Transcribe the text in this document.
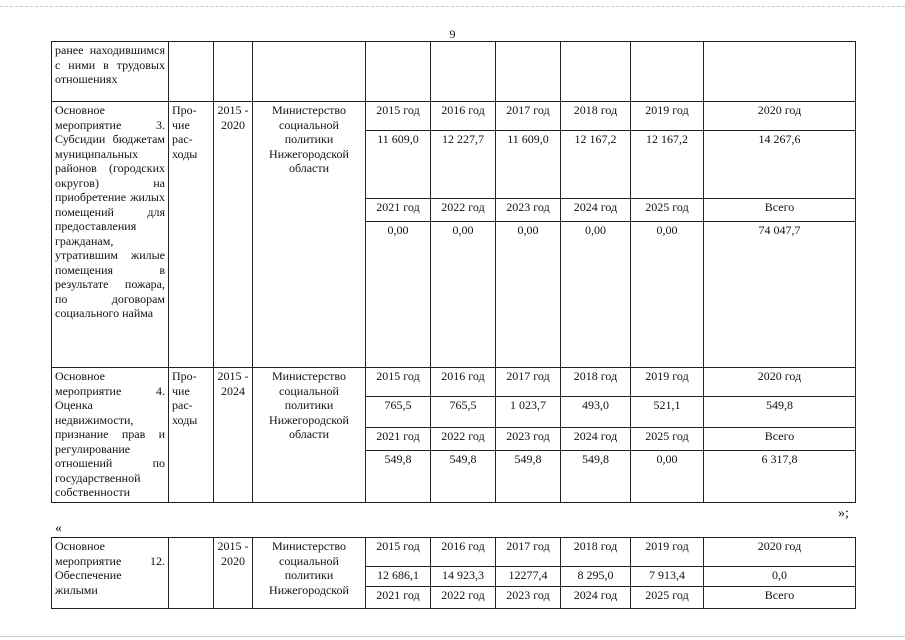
9
ранее находившимся с ними в трудовых отношениях									
Основное мероприятие 3. Субсидии бюджетам муниципальных районов (городских округов) на приобретение жилых помещений для предоставления гражданам, утратившим жилые помещения в результате пожара, по договорам социального найма	Про-чие рас-ходы	2015 - 2020	Министерство социальной политики Нижегородской области	2015 год	2016 год	2017 год	2018 год	2019 год	2020 год
				11 609,0	12 227,7	11 609,0	12 167,2	12 167,2	14 267,6
				2021 год	2022 год	2023 год	2024 год	2025 год	Всего
				0,00	0,00	0,00	0,00	0,00	74 047,7
Основное мероприятие 4. Оценка недвижимости, признание прав и регулирование отношений по государственной собственности	Про-чие рас-ходы	2015 - 2024	Министерство социальной политики Нижегородской области	2015 год	2016 год	2017 год	2018 год	2019 год	2020 год
				765,5	765,5	1 023,7	493,0	521,1	549,8
				2021 год	2022 год	2023 год	2024 год	2025 год	Всего
				549,8	549,8	549,8	549,8	0,00	6 317,8
»;
«
Основное мероприятие 12. Обеспечение жилыми		2015 - 2020	Министерство социальной политики Нижегородской	2015 год	2016 год	2017 год	2018 год	2019 год	2020 год
				12 686,1	14 923,3	12277,4	8 295,0	7 913,4	0,0
				2021 год	2022 год	2023 год	2024 год	2025 год	Всего
